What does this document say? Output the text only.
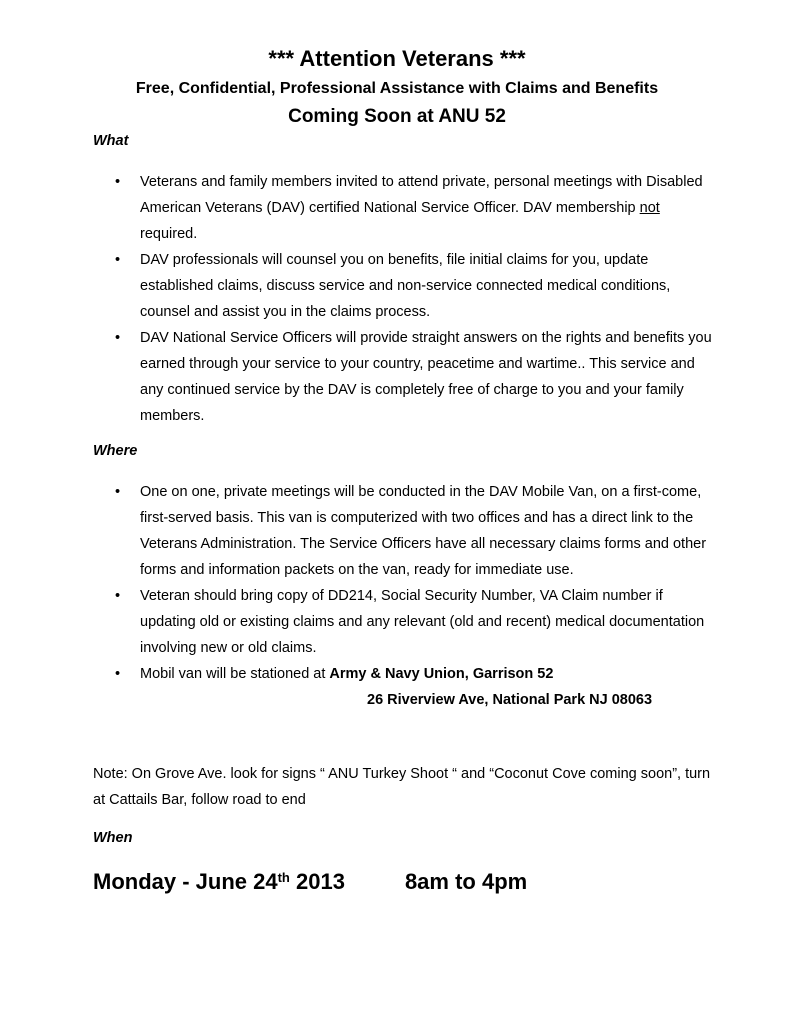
*** Attention Veterans ***
Free, Confidential, Professional Assistance with Claims and Benefits
Coming Soon at ANU 52
What
• Veterans and family members invited to attend private, personal meetings with Disabled American Veterans (DAV) certified National Service Officer. DAV membership not required.
• DAV professionals will counsel you on benefits, file initial claims for you, update established claims, discuss service and non-service connected medical conditions, counsel and assist you in the claims process.
• DAV National Service Officers will provide straight answers on the rights and benefits you earned through your service to your country, peacetime and wartime.. This service and any continued service by the DAV is completely free of charge to you and your family members.
Where
• One on one, private meetings will be conducted in the DAV Mobile Van, on a first-come, first-served basis. This van is computerized with two offices and has a direct link to the Veterans Administration. The Service Officers have all necessary claims forms and other forms and information packets on the van, ready for immediate use.
• Veteran should bring copy of DD214, Social Security Number, VA Claim number if updating old or existing claims and any relevant (old and recent) medical documentation involving new or old claims.
• Mobil van will be stationed at Army & Navy Union, Garrison 52
26 Riverview Ave, National Park NJ 08063

Note: On Grove Ave. look for signs “ ANU Turkey Shoot “ and “Coconut Cove coming soon”, turn at Cattails Bar, follow road to end

When
Monday - June 24th 2013	8am to 4pm
